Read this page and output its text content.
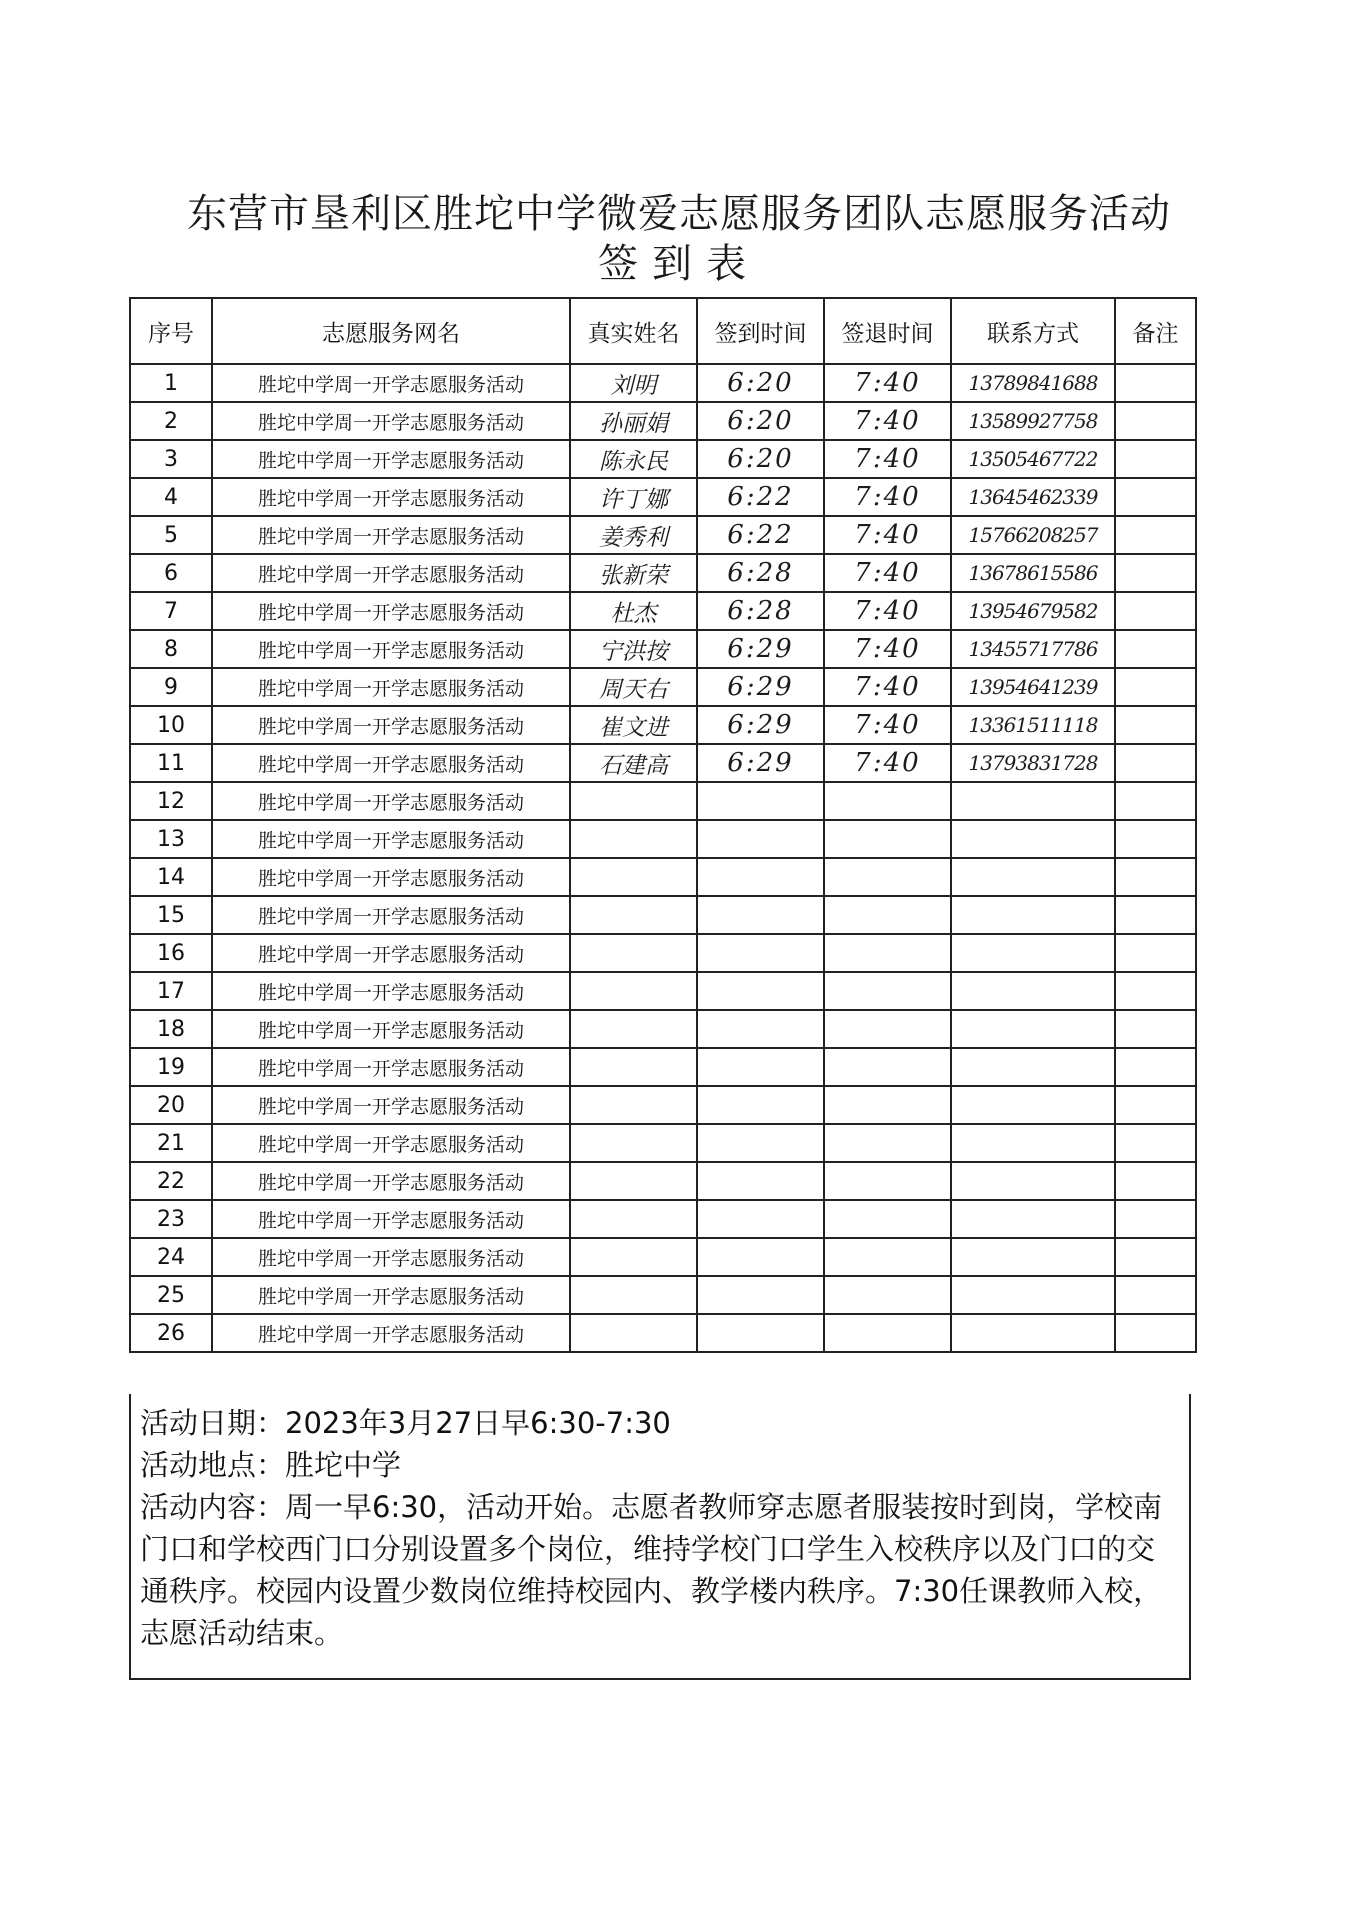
东营市垦利区胜坨中学微爱志愿服务团队志愿服务活动
签到表
序号	志愿服务网名	真实姓名	签到时间	签退时间	联系方式	备注
1	胜坨中学周一开学志愿服务活动	刘明	6:20	7:40	13789841688	
2	胜坨中学周一开学志愿服务活动	孙丽娟	6:20	7:40	13589927758	
3	胜坨中学周一开学志愿服务活动	陈永民	6:20	7:40	13505467722	
4	胜坨中学周一开学志愿服务活动	许丁娜	6:22	7:40	13645462339	
5	胜坨中学周一开学志愿服务活动	姜秀利	6:22	7:40	15766208257	
6	胜坨中学周一开学志愿服务活动	张新荣	6:28	7:40	13678615586	
7	胜坨中学周一开学志愿服务活动	杜杰	6:28	7:40	13954679582	
8	胜坨中学周一开学志愿服务活动	宁洪按	6:29	7:40	13455717786	
9	胜坨中学周一开学志愿服务活动	周天右	6:29	7:40	13954641239	
10	胜坨中学周一开学志愿服务活动	崔文进	6:29	7:40	13361511118	
11	胜坨中学周一开学志愿服务活动	石建高	6:29	7:40	13793831728	
12	胜坨中学周一开学志愿服务活动					
13	胜坨中学周一开学志愿服务活动					
14	胜坨中学周一开学志愿服务活动					
15	胜坨中学周一开学志愿服务活动					
16	胜坨中学周一开学志愿服务活动					
17	胜坨中学周一开学志愿服务活动					
18	胜坨中学周一开学志愿服务活动					
19	胜坨中学周一开学志愿服务活动					
20	胜坨中学周一开学志愿服务活动					
21	胜坨中学周一开学志愿服务活动					
22	胜坨中学周一开学志愿服务活动					
23	胜坨中学周一开学志愿服务活动					
24	胜坨中学周一开学志愿服务活动					
25	胜坨中学周一开学志愿服务活动					
26	胜坨中学周一开学志愿服务活动					

活动日期：2023年3月27日早6:30-7:30

活动地点：胜坨中学

活动内容：周一早6:30，活动开始。志愿者教师穿志愿者服装按时到岗，学校南门口和学校西门口分别设置多个岗位，维持学校门口学生入校秩序以及门口的交通秩序。校园内设置少数岗位维持校园内、教学楼内秩序。7:30任课教师入校，志愿活动结束。
